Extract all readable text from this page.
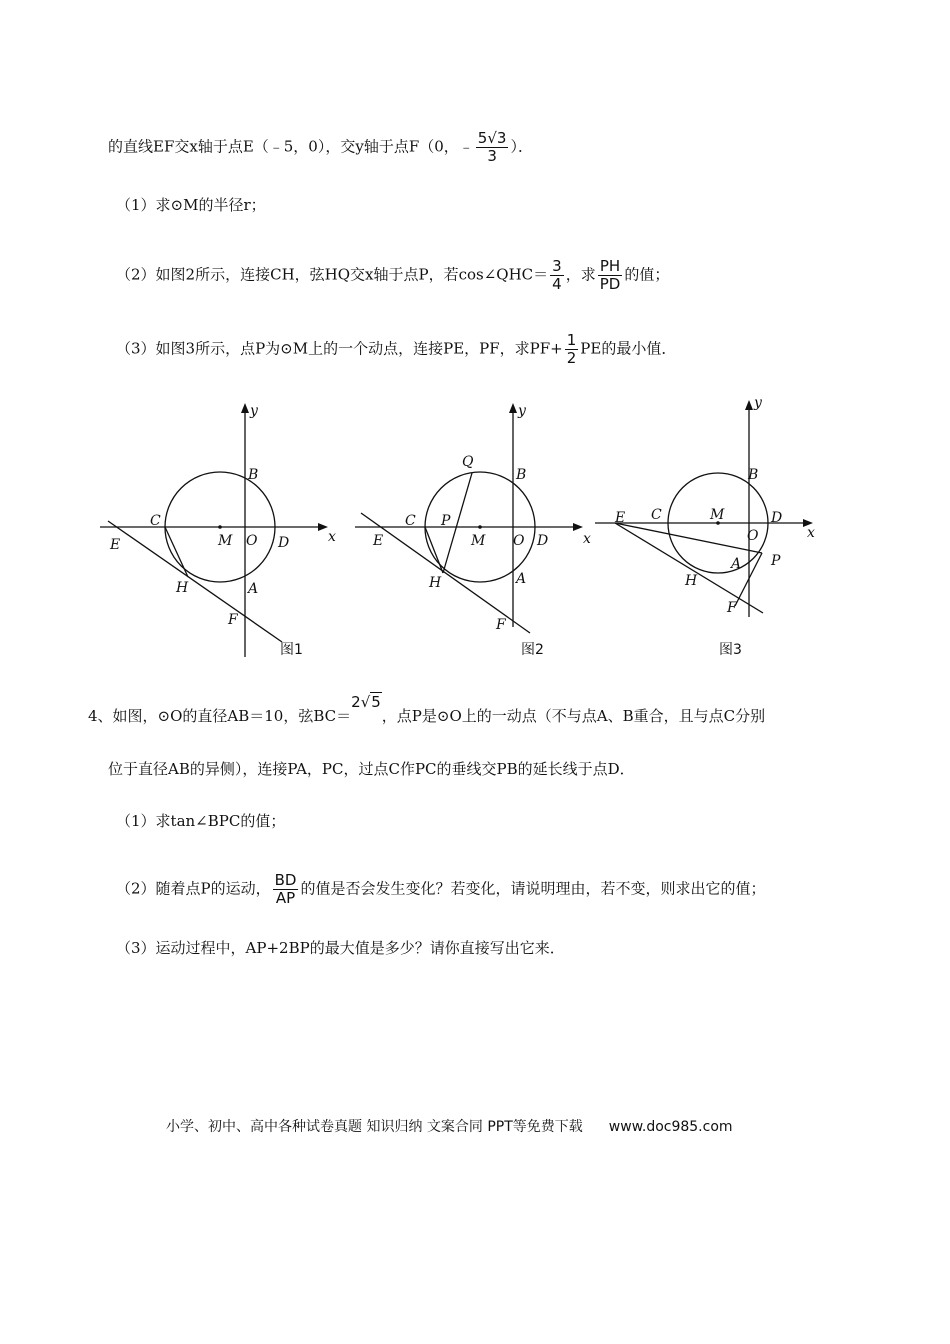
的直线EF交x轴于点E（﹣5，0），交y轴于点F（0，﹣ $\frac{5√3}{3}$ ）．
（1）求⊙M的半径r；
（2）如图2所示，连接CH，弦HQ交x轴于点P，若cos∠QHC＝ $\frac{3}{4}$ ，求 $\frac{PH}{PD}$ 的值；
（3）如图3所示，点P为⊙M上的一个动点，连接PE，PF，求$PF+ \frac{1}{2}$ PE的最小值．
y
x
B
C
M O D
E
H	A
F
图1
y
x
Q
B
C P
M O D
E
H	A
F
图2
y
x
B
E C	M
O
D
P
A
H
F
图3
4、如图，⊙O的直径AB＝10，弦BC＝2√5，点P是⊙O上的一动点（不与点A、B重合，且与点C分别
位于直径AB的异侧），连接PA，PC，过点C作PC的垂线交PB的延长线于点D．
（1）求tan∠BPC的值；
（2）随着点P的运动， $\frac{BD}{AP}$ 的值是否会发生变化？若变化，请说明理由，若不变，则求出它的值；
（3）运动过程中，AP+2BP的最大值是多少？请你直接写出它来．
小学、初中、高中各种试卷真题 知识归纳 文案合同 PPT等免费下载 www.doc985.com
